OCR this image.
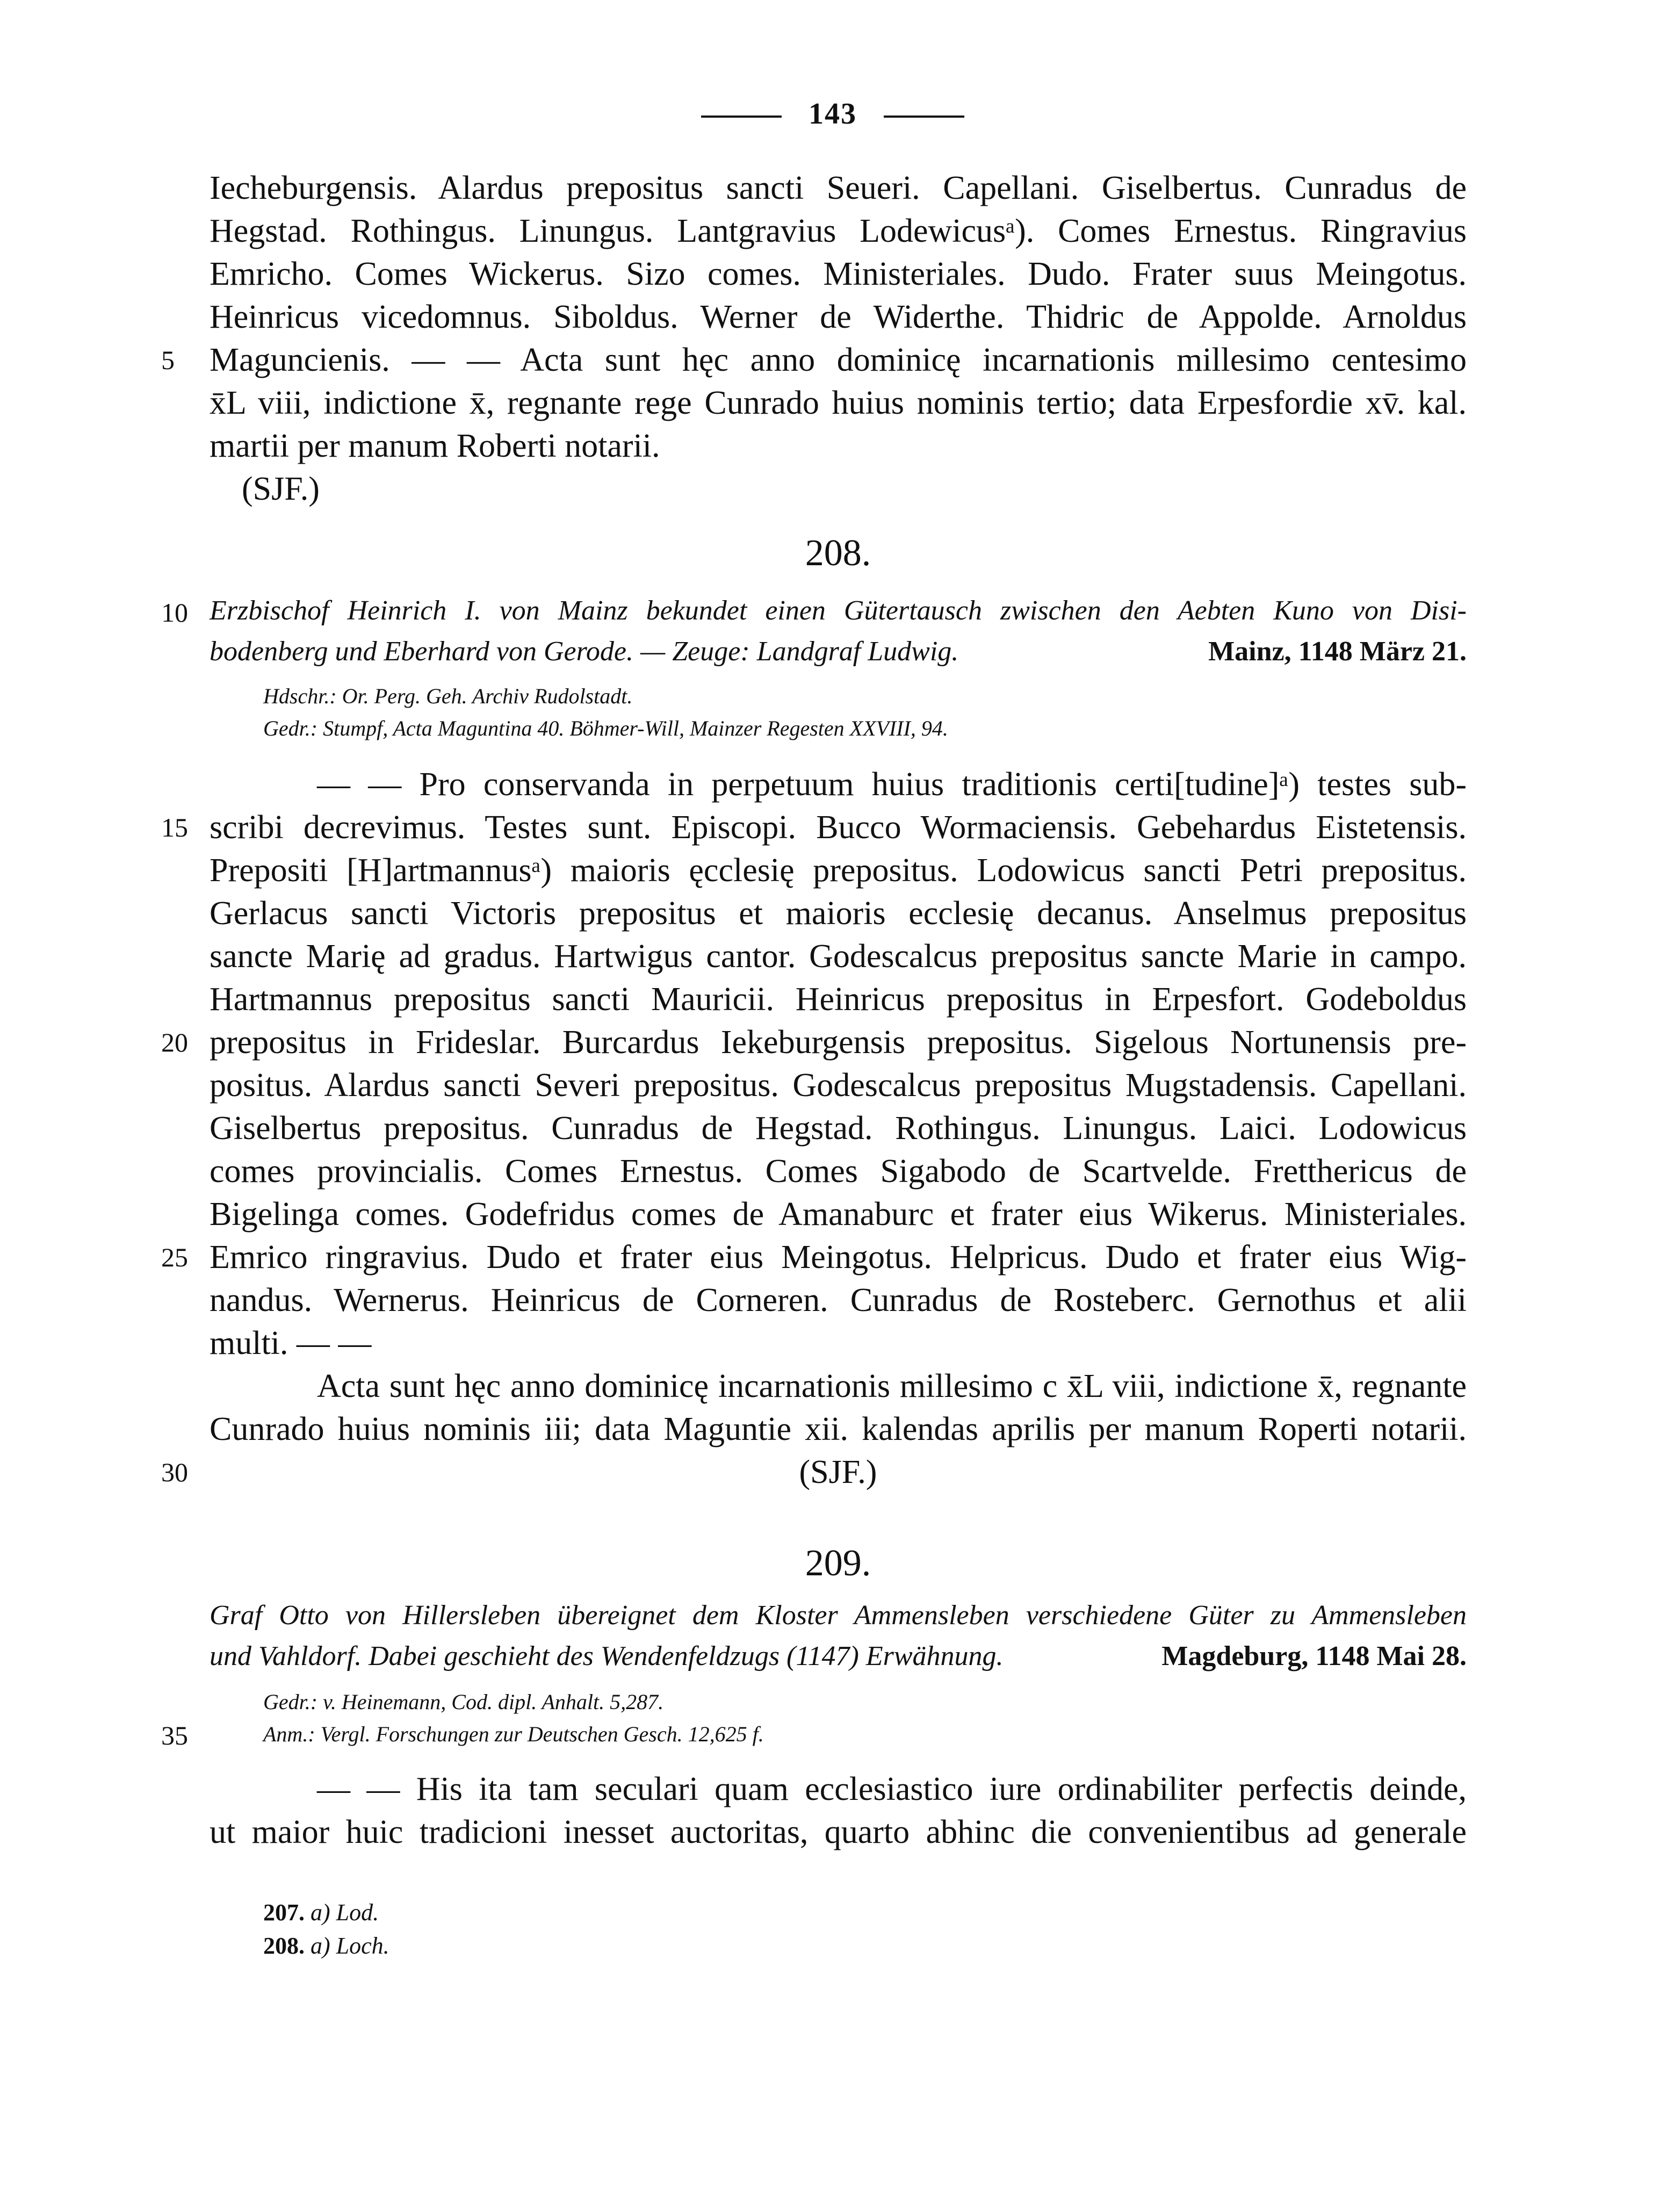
143
Iecheburgensis. Alardus prepositus sancti Seueri. Capellani. Giselbertus. Cunradus de
Hegstad. Rothingus. Linungus. Lantgravius Lodewicusᵃ). Comes Ernestus. Ringravius
Emricho. Comes Wickerus. Sizo comes. Ministeriales. Dudo. Frater suus Meingotus.
Heinricus vicedomnus. Siboldus. Werner de Widerthe. Thidric de Appolde. Arnoldus
5	Maguncienis. — — Acta sunt hęc anno dominicę incarnationis millesimo centesimo
x̄L viii, indictione x̄, regnante rege Cunrado huius nominis tertio; data Erpesfordie xv̄. kal.
martii per manum Roberti notarii.
(SJF.)
208.
10 Erzbischof Heinrich I. von Mainz bekundet einen Gütertausch zwischen den Aebten Kuno von Disi-
bodenberg und Eberhard von Gerode. — Zeuge: Landgraf Ludwig.	Mainz, 1148 März 21.
Hdschr.: Or. Perg. Geh. Archiv Rudolstadt.
Gedr.: Stumpf, Acta Maguntina 40. Böhmer-Will, Mainzer Regesten XXVIII, 94.
— — Pro conservanda in perpetuum huius traditionis certi[tudine]ᵃ) testes sub-
15 scribi decrevimus. Testes sunt. Episcopi. Bucco Wormaciensis. Gebehardus Eistetensis.
Prepositi [H]artmannusᵃ) maioris ęcclesię prepositus. Lodowicus sancti Petri prepositus.
Gerlacus sancti Victoris prepositus et maioris ecclesię decanus. Anselmus prepositus
sancte Marię ad gradus. Hartwigus cantor. Godescalcus prepositus sancte Marie in campo.
Hartmannus prepositus sancti Mauricii. Heinricus prepositus in Erpesfort. Godeboldus
20 prepositus in Frideslar. Burcardus Iekeburgensis prepositus. Sigelous Nortunensis pre-
positus. Alardus sancti Severi prepositus. Godescalcus prepositus Mugstadensis. Capellani.
Giselbertus prepositus. Cunradus de Hegstad. Rothingus. Linungus. Laici. Lodowicus
comes provincialis. Comes Ernestus. Comes Sigabodo de Scartvelde. Fretthericus de
Bigelinga comes. Godefridus comes de Amanaburc et frater eius Wikerus. Ministeriales.
25 Emrico ringravius. Dudo et frater eius Meingotus. Helpricus. Dudo et frater eius Wig-
nandus. Wernerus. Heinricus de Corneren. Cunradus de Rosteberc. Gernothus et alii
multi. — —
Acta sunt hęc anno dominicę incarnationis millesimo c x̄L viii, indictione x̄, regnante
Cunrado huius nominis iii; data Maguntie xii. kalendas aprilis per manum Roperti notarii.
30	(SJF.)
209.
Graf Otto von Hillersleben übereignet dem Kloster Ammensleben verschiedene Güter zu Ammensleben
und Vahldorf. Dabei geschieht des Wendenfeldzugs (1147) Erwähnung.	Magdeburg, 1148 Mai 28.
Gedr.: v. Heinemann, Cod. dipl. Anhalt. 5,287.
35	Anm.: Vergl. Forschungen zur Deutschen Gesch. 12,625 f.
— — His ita tam seculari quam ecclesiastico iure ordinabiliter perfectis deinde,
ut maior huic tradicioni inesset auctoritas, quarto abhinc die convenientibus ad generale
207. a) Lod.
208. a) Loch.
